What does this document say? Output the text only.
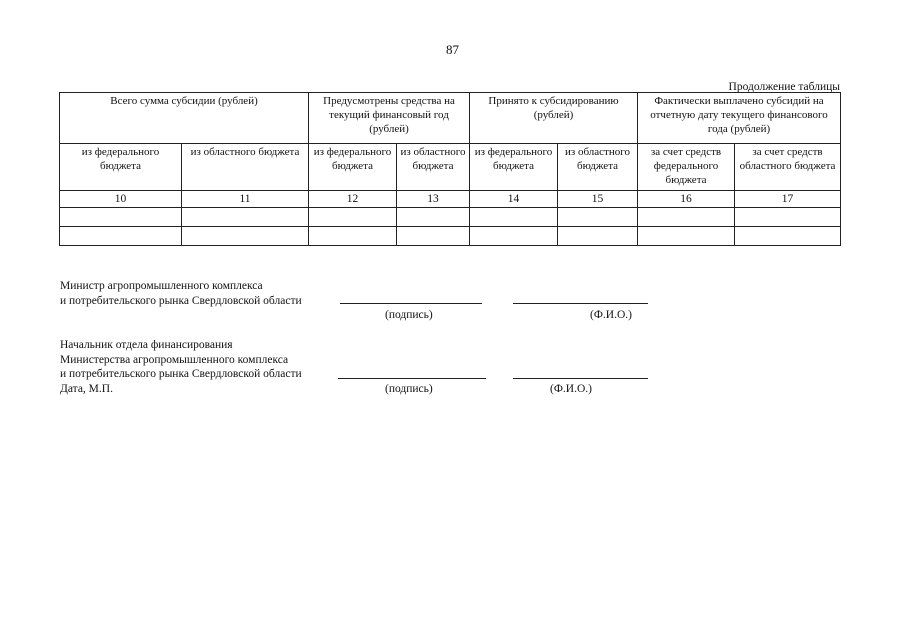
87
Продолжение таблицы
Всего сумма субсидии (рублей)		Предусмотрены средства на текущий финансовый год (рублей)		Принято к субсидированию (рублей)		Фактически выплачено субсидий на отчетную дату текущего финансового года (рублей)	
из федерального бюджета	из областного бюджета	из федерального бюджета	из областного бюджета	из федерального бюджета	из областного бюджета	за счет средств федерального бюджета	за счет средств областного бюджета
10	11	12	13	14	15	16	17

Министр агропромышленного комплекса
и потребительского рынка Свердловской области
(подпись)	(Ф.И.О.)
Начальник отдела финансирования
Министерства агропромышленного комплекса
и потребительского рынка Свердловской области
Дата, М.П.	(подпись)	(Ф.И.О.)
